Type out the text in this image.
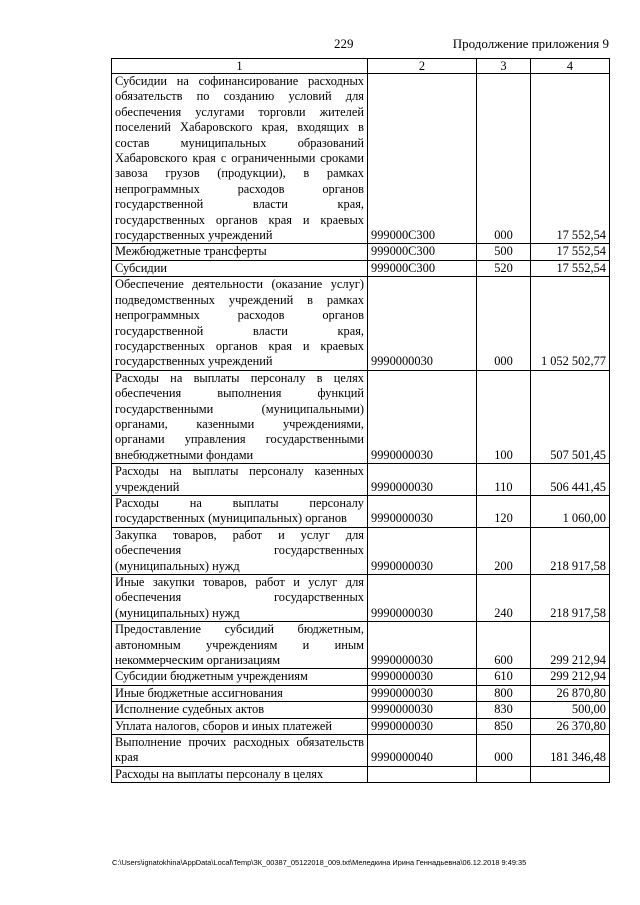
229	Продолжение приложения 9
1	2	3	4
Субсидии на софинансирование расходных обязательств по созданию условий для обеспечения услугами торговли жителей поселений Хабаровского края, входящих в состав муниципальных образований Хабаровского края с ограниченными сроками завоза грузов (продукции), в рамках непрограммных расходов органов государственной власти края, государственных органов края и краевых государственных учреждений	999000С300	000	17 552,54
Межбюджетные трансферты	999000С300	500	17 552,54
Субсидии	999000С300	520	17 552,54
Обеспечение деятельности (оказание услуг) подведомственных учреждений в рамках непрограммных расходов органов государственной власти края, государственных органов края и краевых государственных учреждений	9990000030	000	1 052 502,77
Расходы на выплаты персоналу в целях обеспечения выполнения функций государственными (муниципальными) органами, казенными учреждениями, органами управления государственными внебюджетными фондами	9990000030	100	507 501,45
Расходы на выплаты персоналу казенных учреждений	9990000030	110	506 441,45
Расходы на выплаты персоналу государственных (муниципальных) органов	9990000030	120	1 060,00
Закупка товаров, работ и услуг для обеспечения государственных (муниципальных) нужд	9990000030	200	218 917,58
Иные закупки товаров, работ и услуг для обеспечения государственных (муниципальных) нужд	9990000030	240	218 917,58
Предоставление субсидий бюджетным, автономным учреждениям и иным некоммерческим организациям	9990000030	600	299 212,94
Субсидии бюджетным учреждениям	9990000030	610	299 212,94
Иные бюджетные ассигнования	9990000030	800	26 870,80
Исполнение судебных актов	9990000030	830	500,00
Уплата налогов, сборов и иных платежей	9990000030	850	26 370,80
Выполнение прочих расходных обязательств края	9990000040	000	181 346,48
Расходы на выплаты персоналу в целях			
C:\Users\ignatokhina\AppData\Local\Temp\ЗК_00387_05122018_009.txt\Меледкина Ирина Геннадьевна\06.12.2018 9:49:35
